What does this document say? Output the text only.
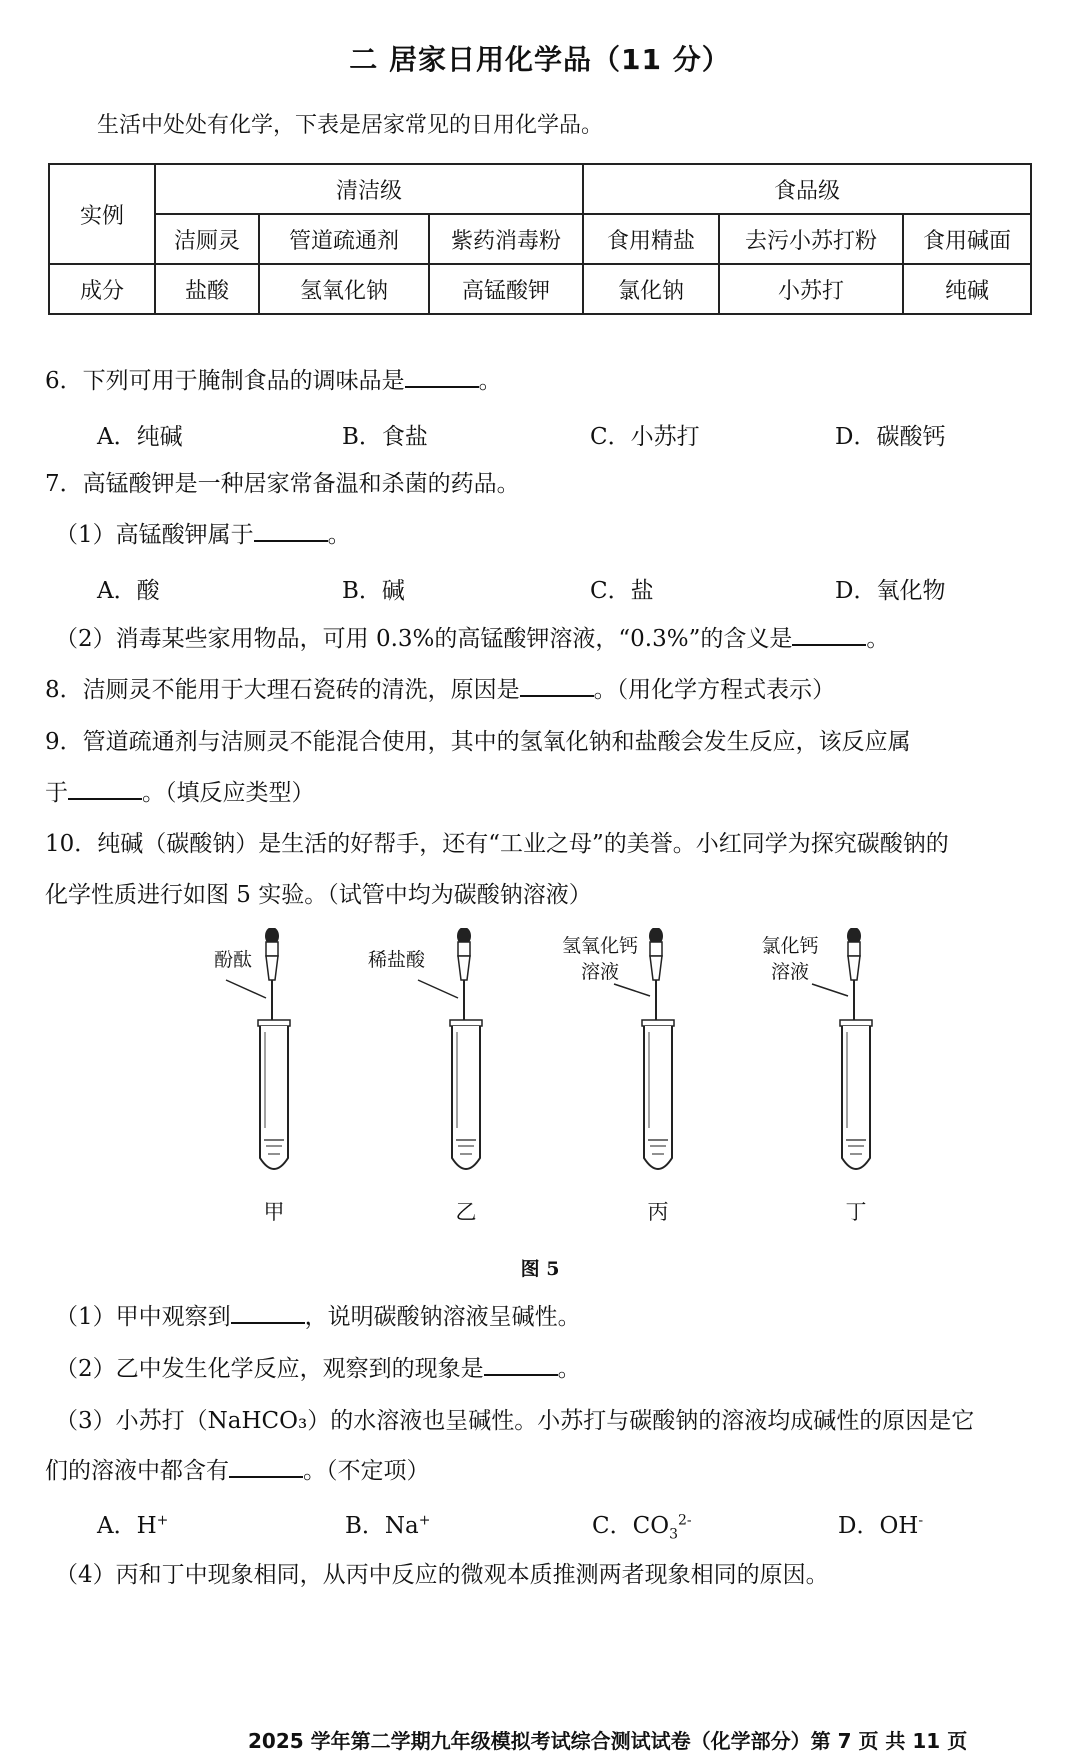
二 居家日用化学品（11 分）
生活中处处有化学，下表是居家常见的日用化学品。
实例	清洁级			食品级		
	洁厕灵	管道疏通剂	紫药消毒粉	食用精盐	去污小苏打粉	食用碱面
成分	盐酸	氢氧化钠	高锰酸钾	氯化钠	小苏打	纯碱
6．下列可用于腌制食品的调味品是	。
A．纯碱	B．食盐	C．小苏打	D．碳酸钙
7．高锰酸钾是一种居家常备温和杀菌的药品。
（1）高锰酸钾属于	。
A．酸	B．碱	C．盐	D．氧化物
（2）消毒某些家用物品，可用 0.3%的高锰酸钾溶液，“0.3%”的含义是	。
8．洁厕灵不能用于大理石瓷砖的清洗，原因是	。（用化学方程式表示）
9．管道疏通剂与洁厕灵不能混合使用，其中的氢氧化钠和盐酸会发生反应，该反应属
于	。（填反应类型）
10．纯碱（碳酸钠）是生活的好帮手，还有“工业之母”的美誉。小红同学为探究碳酸钠的
化学性质进行如图 5 实验。（试管中均为碳酸钠溶液）
酚酞	稀盐酸
氢氧化钙
溶液
氯化钙
溶液
甲	乙	丙	丁
图 5
（1）甲中观察到	，说明碳酸钠溶液呈碱性。
（2）乙中发生化学反应，观察到的现象是	。
（3）小苏打（NaHCO₃）的水溶液也呈碱性。小苏打与碳酸钠的溶液均成碱性的原因是它
们的溶液中都含有	。（不定项）
A．H+	B．Na+	C．$CO_3^{2-}$	D．OH-
（4）丙和丁中现象相同，从丙中反应的微观本质推测两者现象相同的原因。
2025 学年第二学期九年级模拟考试综合测试试卷（化学部分）第 7 页 共 11 页
